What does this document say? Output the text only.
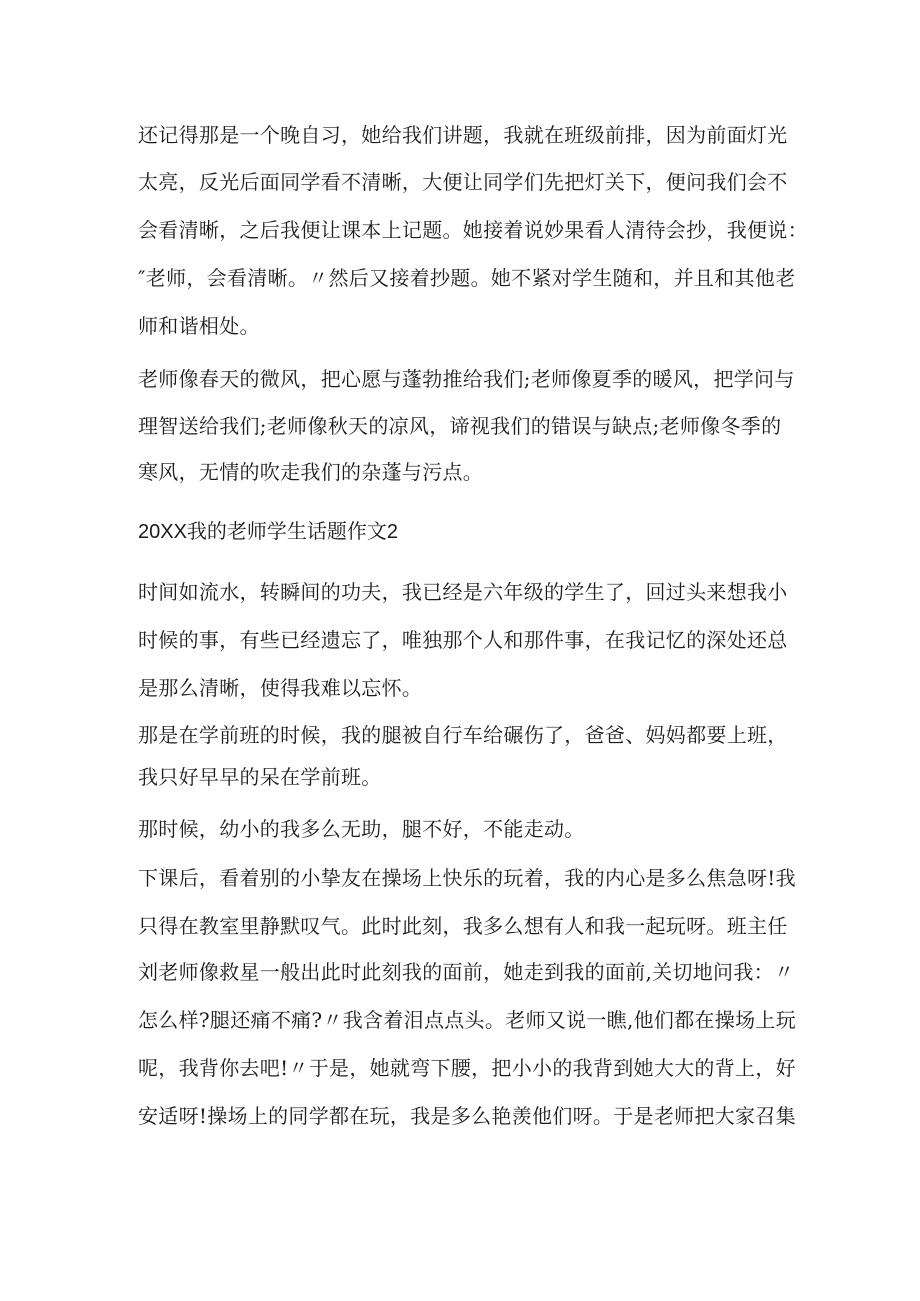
还记得那是一个晚自习，她给我们讲题，我就在班级前排，因为前面灯光
太亮，反光后面同学看不清晰，大便让同学们先把灯关下，便问我们会不
会看清晰，之后我便让课本上记题。她接着说妙果看人清待会抄，我便说：
″老师，会看清晰。〃然后又接着抄题。她不紧对学生随和，并且和其他老
师和谐相处。
老师像春天的微风，把心愿与蓬勃推给我们;老师像夏季的暖风，把学问与
理智送给我们;老师像秋天的凉风，谛视我们的错误与缺点;老师像冬季的
寒风，无情的吹走我们的杂蓬与污点。
20XX我的老师学生话题作文2
时间如流水，转瞬间的功夫，我已经是六年级的学生了，回过头来想我小
时候的事，有些已经遗忘了，唯独那个人和那件事，在我记忆的深处还总
是那么清晰，使得我难以忘怀。
那是在学前班的时候，我的腿被自行车给碾伤了，爸爸、妈妈都要上班，
我只好早早的呆在学前班。
那时候，幼小的我多么无助，腿不好，不能走动。
下课后，看着别的小挚友在操场上快乐的玩着，我的内心是多么焦急呀!我
只得在教室里静默叹气。此时此刻，我多么想有人和我一起玩呀。班主任
刘老师像救星一般出此时此刻我的面前，她走到我的面前,关切地问我：〃
怎么样?腿还痛不痛?〃我含着泪点点头。老师又说一瞧,他们都在操场上玩
呢，我背你去吧!〃于是，她就弯下腰，把小小的我背到她大大的背上，好
安适呀!操场上的同学都在玩，我是多么艳羡他们呀。于是老师把大家召集
